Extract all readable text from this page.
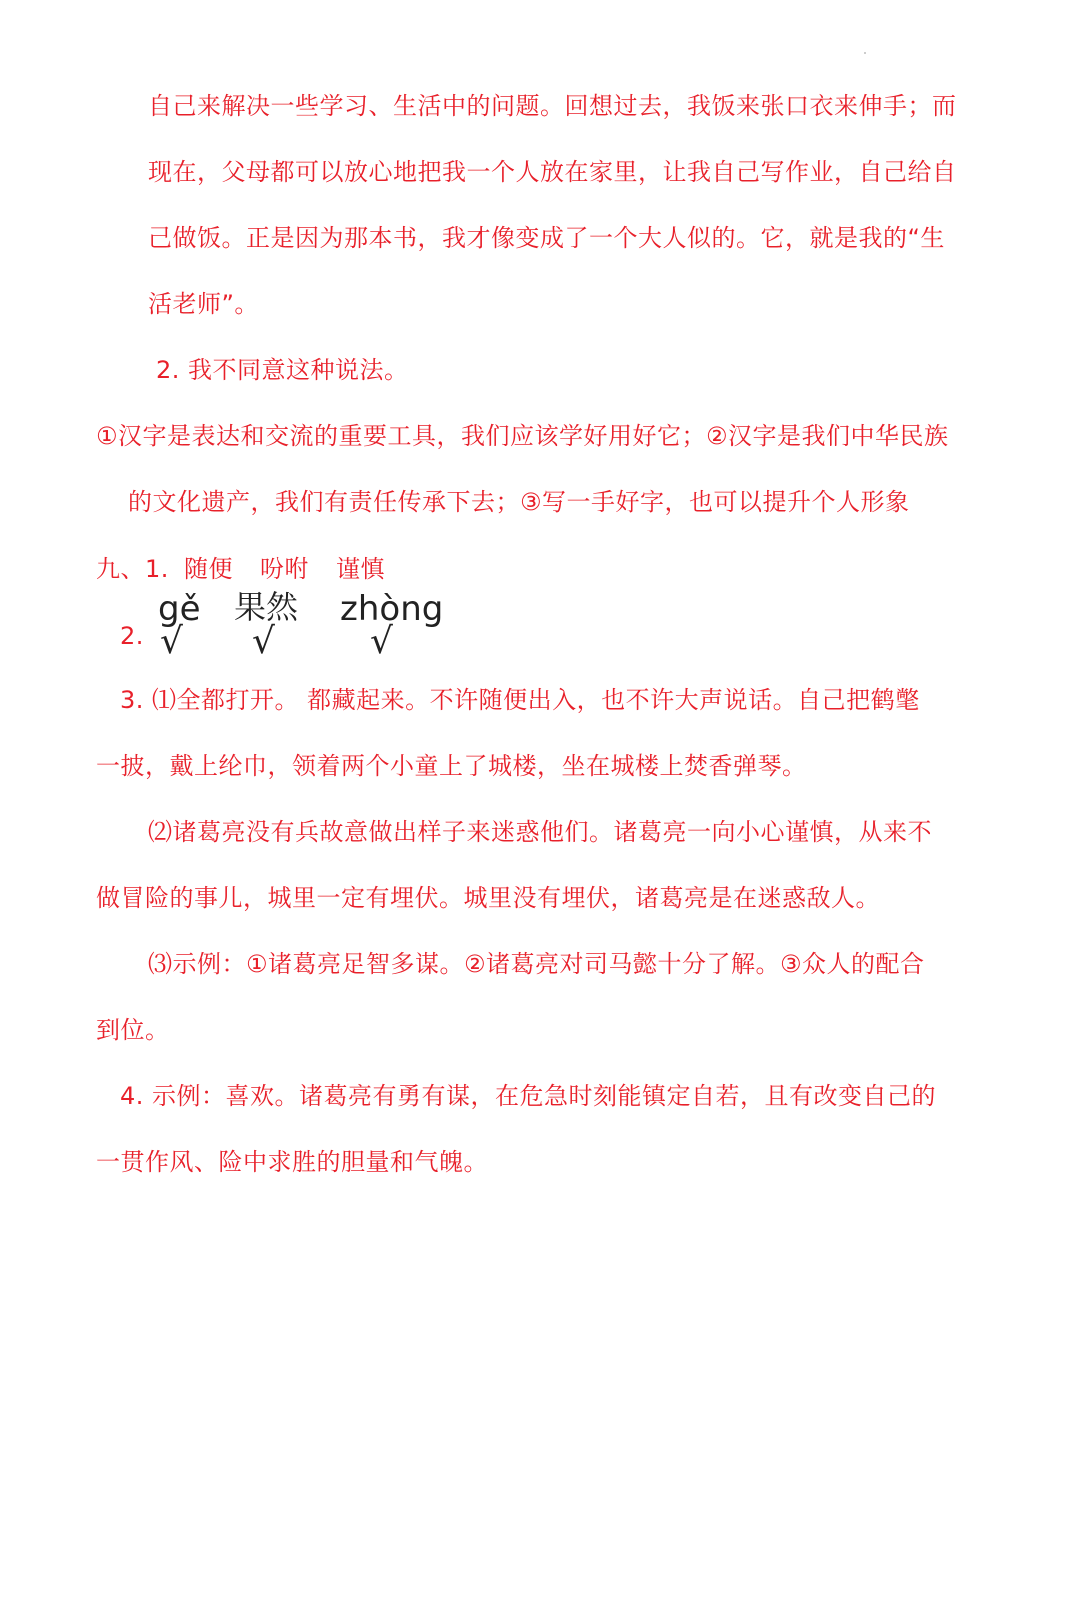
自己来解决一些学习、生活中的问题。回想过去，我饭来张口衣来伸手；而
现在，父母都可以放心地把我一个人放在家里，让我自己写作业，自己给自
己做饭。正是因为那本书，我才像变成了一个大人似的。它，就是我的“生
活老师”。
2. 我不同意这种说法。
①汉字是表达和交流的重要工具，我们应该学好用好它；②汉字是我们中华民族
的文化遗产，我们有责任传承下去；③写一手好字，也可以提升个人形象
九、1. 随便 吩咐 谨慎
2.
gě 果然 zhòng
√ √	√
3. ⑴全都打开。 都藏起来。不许随便出入，也不许大声说话。自己把鹤氅
一披，戴上纶巾，领着两个小童上了城楼，坐在城楼上焚香弹琴。
⑵诸葛亮没有兵故意做出样子来迷惑他们。诸葛亮一向小心谨慎，从来不
做冒险的事儿，城里一定有埋伏。城里没有埋伏，诸葛亮是在迷惑敌人。
⑶示例：①诸葛亮足智多谋。②诸葛亮对司马懿十分了解。③众人的配合
到位。
4. 示例：喜欢。诸葛亮有勇有谋，在危急时刻能镇定自若，且有改变自己的
一贯作风、险中求胜的胆量和气魄。
